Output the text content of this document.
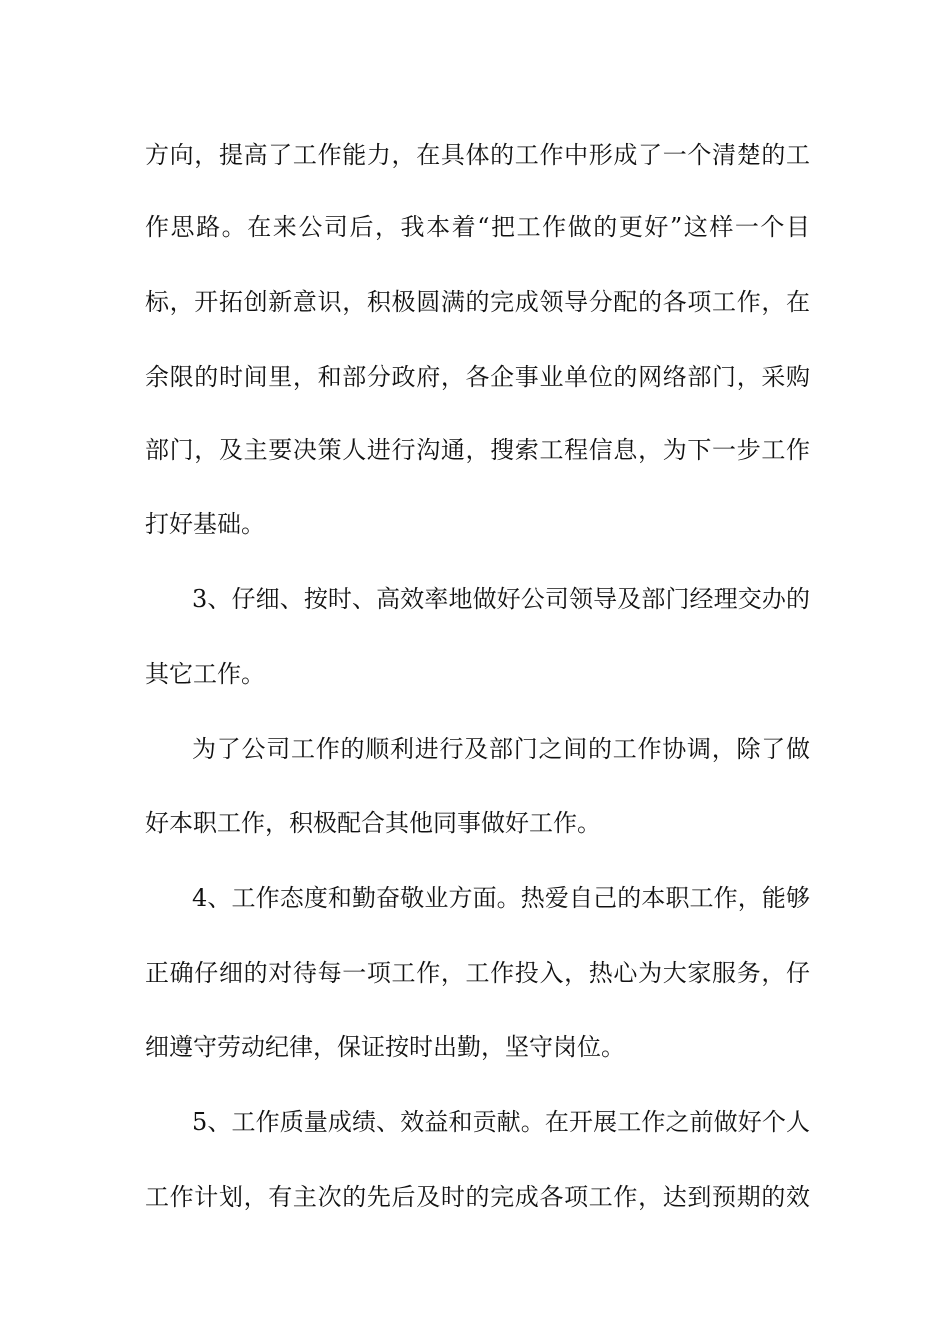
方向，提高了工作能力，在具体的工作中形成了一个清楚的工
作思路。在来公司后，我本着“把工作做的更好”这样一个目
标，开拓创新意识，积极圆满的完成领导分配的各项工作，在
余限的时间里，和部分政府，各企事业单位的网络部门，采购
部门，及主要决策人进行沟通，搜索工程信息，为下一步工作
打好基础。
3、仔细、按时、高效率地做好公司领导及部门经理交办的
其它工作。
为了公司工作的顺利进行及部门之间的工作协调，除了做
好本职工作，积极配合其他同事做好工作。
4、工作态度和勤奋敬业方面。热爱自己的本职工作，能够
正确仔细的对待每一项工作，工作投入，热心为大家服务，仔
细遵守劳动纪律，保证按时出勤，坚守岗位。
5、工作质量成绩、效益和贡献。在开展工作之前做好个人
工作计划，有主次的先后及时的完成各项工作，达到预期的效
